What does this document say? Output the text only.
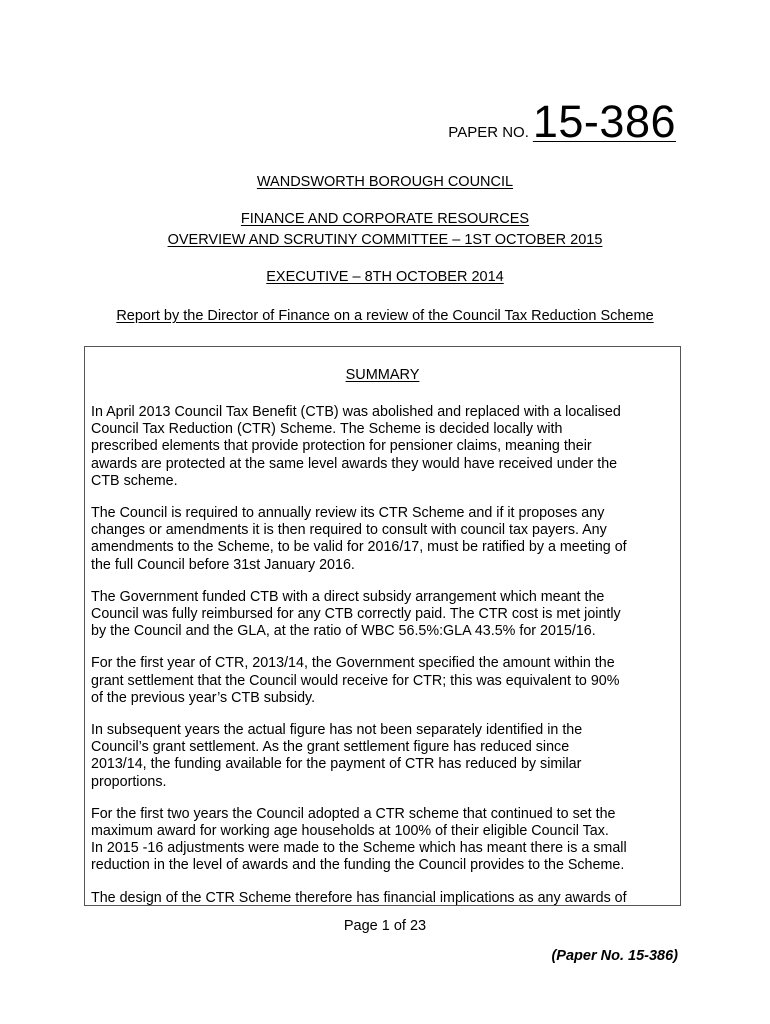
PAPER NO. 15-386
WANDSWORTH BOROUGH COUNCIL
FINANCE AND CORPORATE RESOURCES
OVERVIEW AND SCRUTINY COMMITTEE – 1ST OCTOBER 2015
EXECUTIVE – 8TH OCTOBER 2014
Report by the Director of Finance on a review of the Council Tax Reduction Scheme
SUMMARY

In April 2013 Council Tax Benefit (CTB) was abolished and replaced with a localised
Council Tax Reduction (CTR) Scheme. The Scheme is decided locally with
prescribed elements that provide protection for pensioner claims, meaning their
awards are protected at the same level awards they would have received under the
CTB scheme.

The Council is required to annually review its CTR Scheme and if it proposes any
changes or amendments it is then required to consult with council tax payers. Any
amendments to the Scheme, to be valid for 2016/17, must be ratified by a meeting of
the full Council before 31st January 2016.

The Government funded CTB with a direct subsidy arrangement which meant the
Council was fully reimbursed for any CTB correctly paid. The CTR cost is met jointly
by the Council and the GLA, at the ratio of WBC 56.5%:GLA 43.5% for 2015/16.

For the first year of CTR, 2013/14, the Government specified the amount within the
grant settlement that the Council would receive for CTR; this was equivalent to 90%
of the previous year’s CTB subsidy.

In subsequent years the actual figure has not been separately identified in the
Council’s grant settlement. As the grant settlement figure has reduced since
2013/14, the funding available for the payment of CTR has reduced by similar
proportions.

For the first two years the Council adopted a CTR scheme that continued to set the
maximum award for working age households at 100% of their eligible Council Tax.
In 2015 -16 adjustments were made to the Scheme which has meant there is a small
reduction in the level of awards and the funding the Council provides to the Scheme.

The design of the CTR Scheme therefore has financial implications as any awards of

Page 1 of 23
(Paper No. 15-386)
